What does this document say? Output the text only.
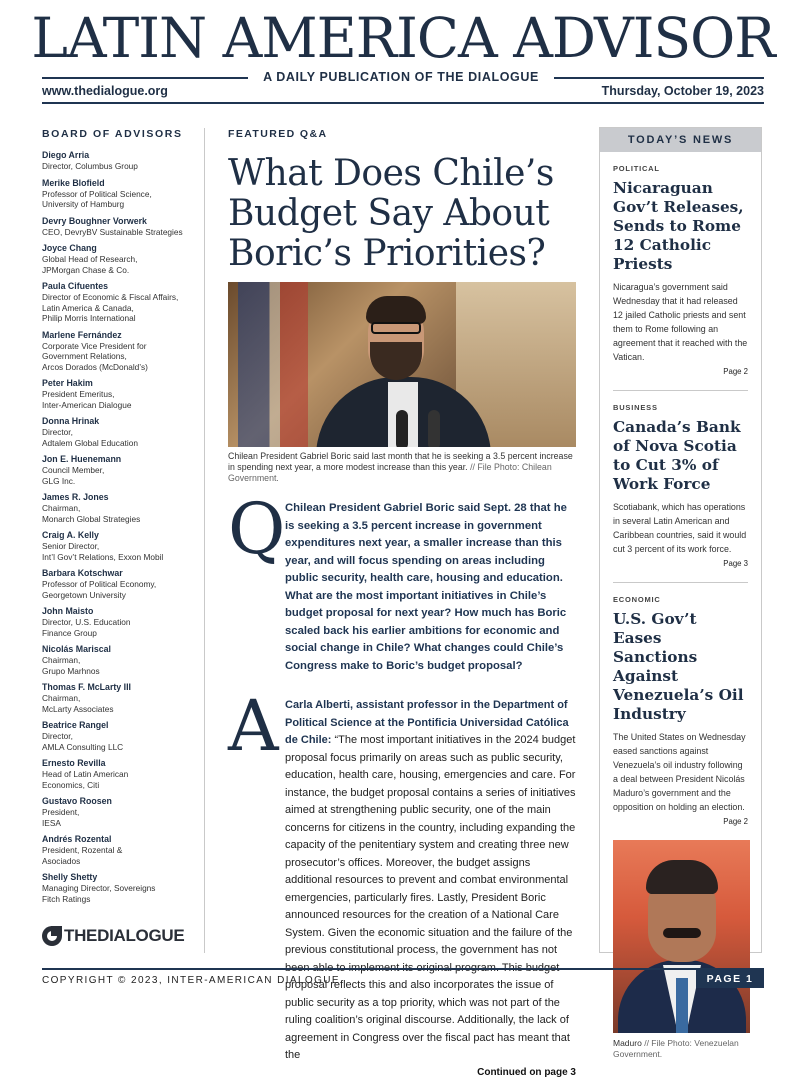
LATIN AMERICA ADVISOR
A DAILY PUBLICATION OF THE DIALOGUE
www.thedialogue.org	Thursday, October 19, 2023
BOARD OF ADVISORS
Diego Arria
Director, Columbus Group
Merike Blofield
Professor of Political Science,
University of Hamburg
Devry Boughner Vorwerk
CEO, DevryBV Sustainable Strategies
Joyce Chang
Global Head of Research,
JPMorgan Chase & Co.
Paula Cifuentes
Director of Economic & Fiscal Affairs,
Latin America & Canada,
Philip Morris International
Marlene Fernández
Corporate Vice President for
Government Relations,
Arcos Dorados (McDonald’s)
Peter Hakim
President Emeritus,
Inter-American Dialogue
Donna Hrinak
Director,
Adtalem Global Education
Jon E. Huenemann
Council Member,
GLG Inc.
James R. Jones
Chairman,
Monarch Global Strategies
Craig A. Kelly
Senior Director,
Int’l Gov’t Relations, Exxon Mobil
Barbara Kotschwar
Professor of Political Economy,
Georgetown University
John Maisto
Director, U.S. Education
Finance Group
Nicolás Mariscal
Chairman,
Grupo Marhnos
Thomas F. McLarty III
Chairman,
McLarty Associates
Beatrice Rangel
Director,
AMLA Consulting LLC
Ernesto Revilla
Head of Latin American
Economics, Citi
Gustavo Roosen
President,
IESA
Andrés Rozental
President, Rozental &
Asociados
Shelly Shetty
Managing Director, Sovereigns
Fitch Ratings
THEDIALOGUE
FEATURED Q&A
What Does Chile’s Budget Say About Boric’s Priorities?
Chilean President Gabriel Boric said last month that he is seeking a 3.5 percent increase in spending next year, a more modest increase than this year. // File Photo: Chilean Government.
Q Chilean President Gabriel Boric said Sept. 28 that he is seeking a 3.5 percent increase in government expenditures next year, a smaller increase than this year, and will focus spending on areas including public security, health care, housing and education. What are the most important initiatives in Chile’s budget proposal for next year? How much has Boric scaled back his earlier ambitions for economic and social change in Chile? What changes could Chile’s Congress make to Boric’s budget proposal?
A Carla Alberti, assistant professor in the Department of Political Science at the Pontificia Universidad Católica de Chile: “The most important initiatives in the 2024 budget proposal focus primarily on areas such as public security, education, health care, housing, emergencies and care. For instance, the budget proposal contains a series of initiatives aimed at strengthening public security, one of the main concerns for citizens in the country, including expanding the capacity of the penitentiary system and creating three new prosecutor’s offices. Moreover, the budget assigns additional resources to prevent and combat environmental emergencies, particularly fires. Lastly, President Boric announced resources for the creation of a National Care System. Given the economic situation and the failure of the previous constitutional process, the government has not proposal reflects this and also incorporates the issue of public security as a top priority, which was not part of the ruling coalition’s original discourse. Additionally, the lack of agreement in Congress over the fiscal pact has meant that the
Continued on page 3
TODAY’S NEWS
POLITICAL
Nicaraguan Gov’t Releases, Sends to Rome 12 Catholic Priests
Nicaragua’s government said Wednesday that it had released 12 jailed Catholic priests and sent them to Rome following an agreement that it reached with the Vatican.
Page 2
BUSINESS
Canada’s Bank of Nova Scotia to Cut 3% of Work Force
Scotiabank, which has operations in several Latin American and Caribbean countries, said it would cut 3 percent of its work force.
Page 3
ECONOMIC
U.S. Gov’t Eases Sanctions Against Venezuela’s Oil Industry
The United States on Wednesday eased sanctions against Venezuela’s oil industry following a deal between President Nicolás Maduro’s government and the opposition on holding an election.
Page 2
Maduro // File Photo: Venezuelan Government.
COPYRIGHT © 2023, INTER-AMERICAN DIALOGUE	PAGE 1
